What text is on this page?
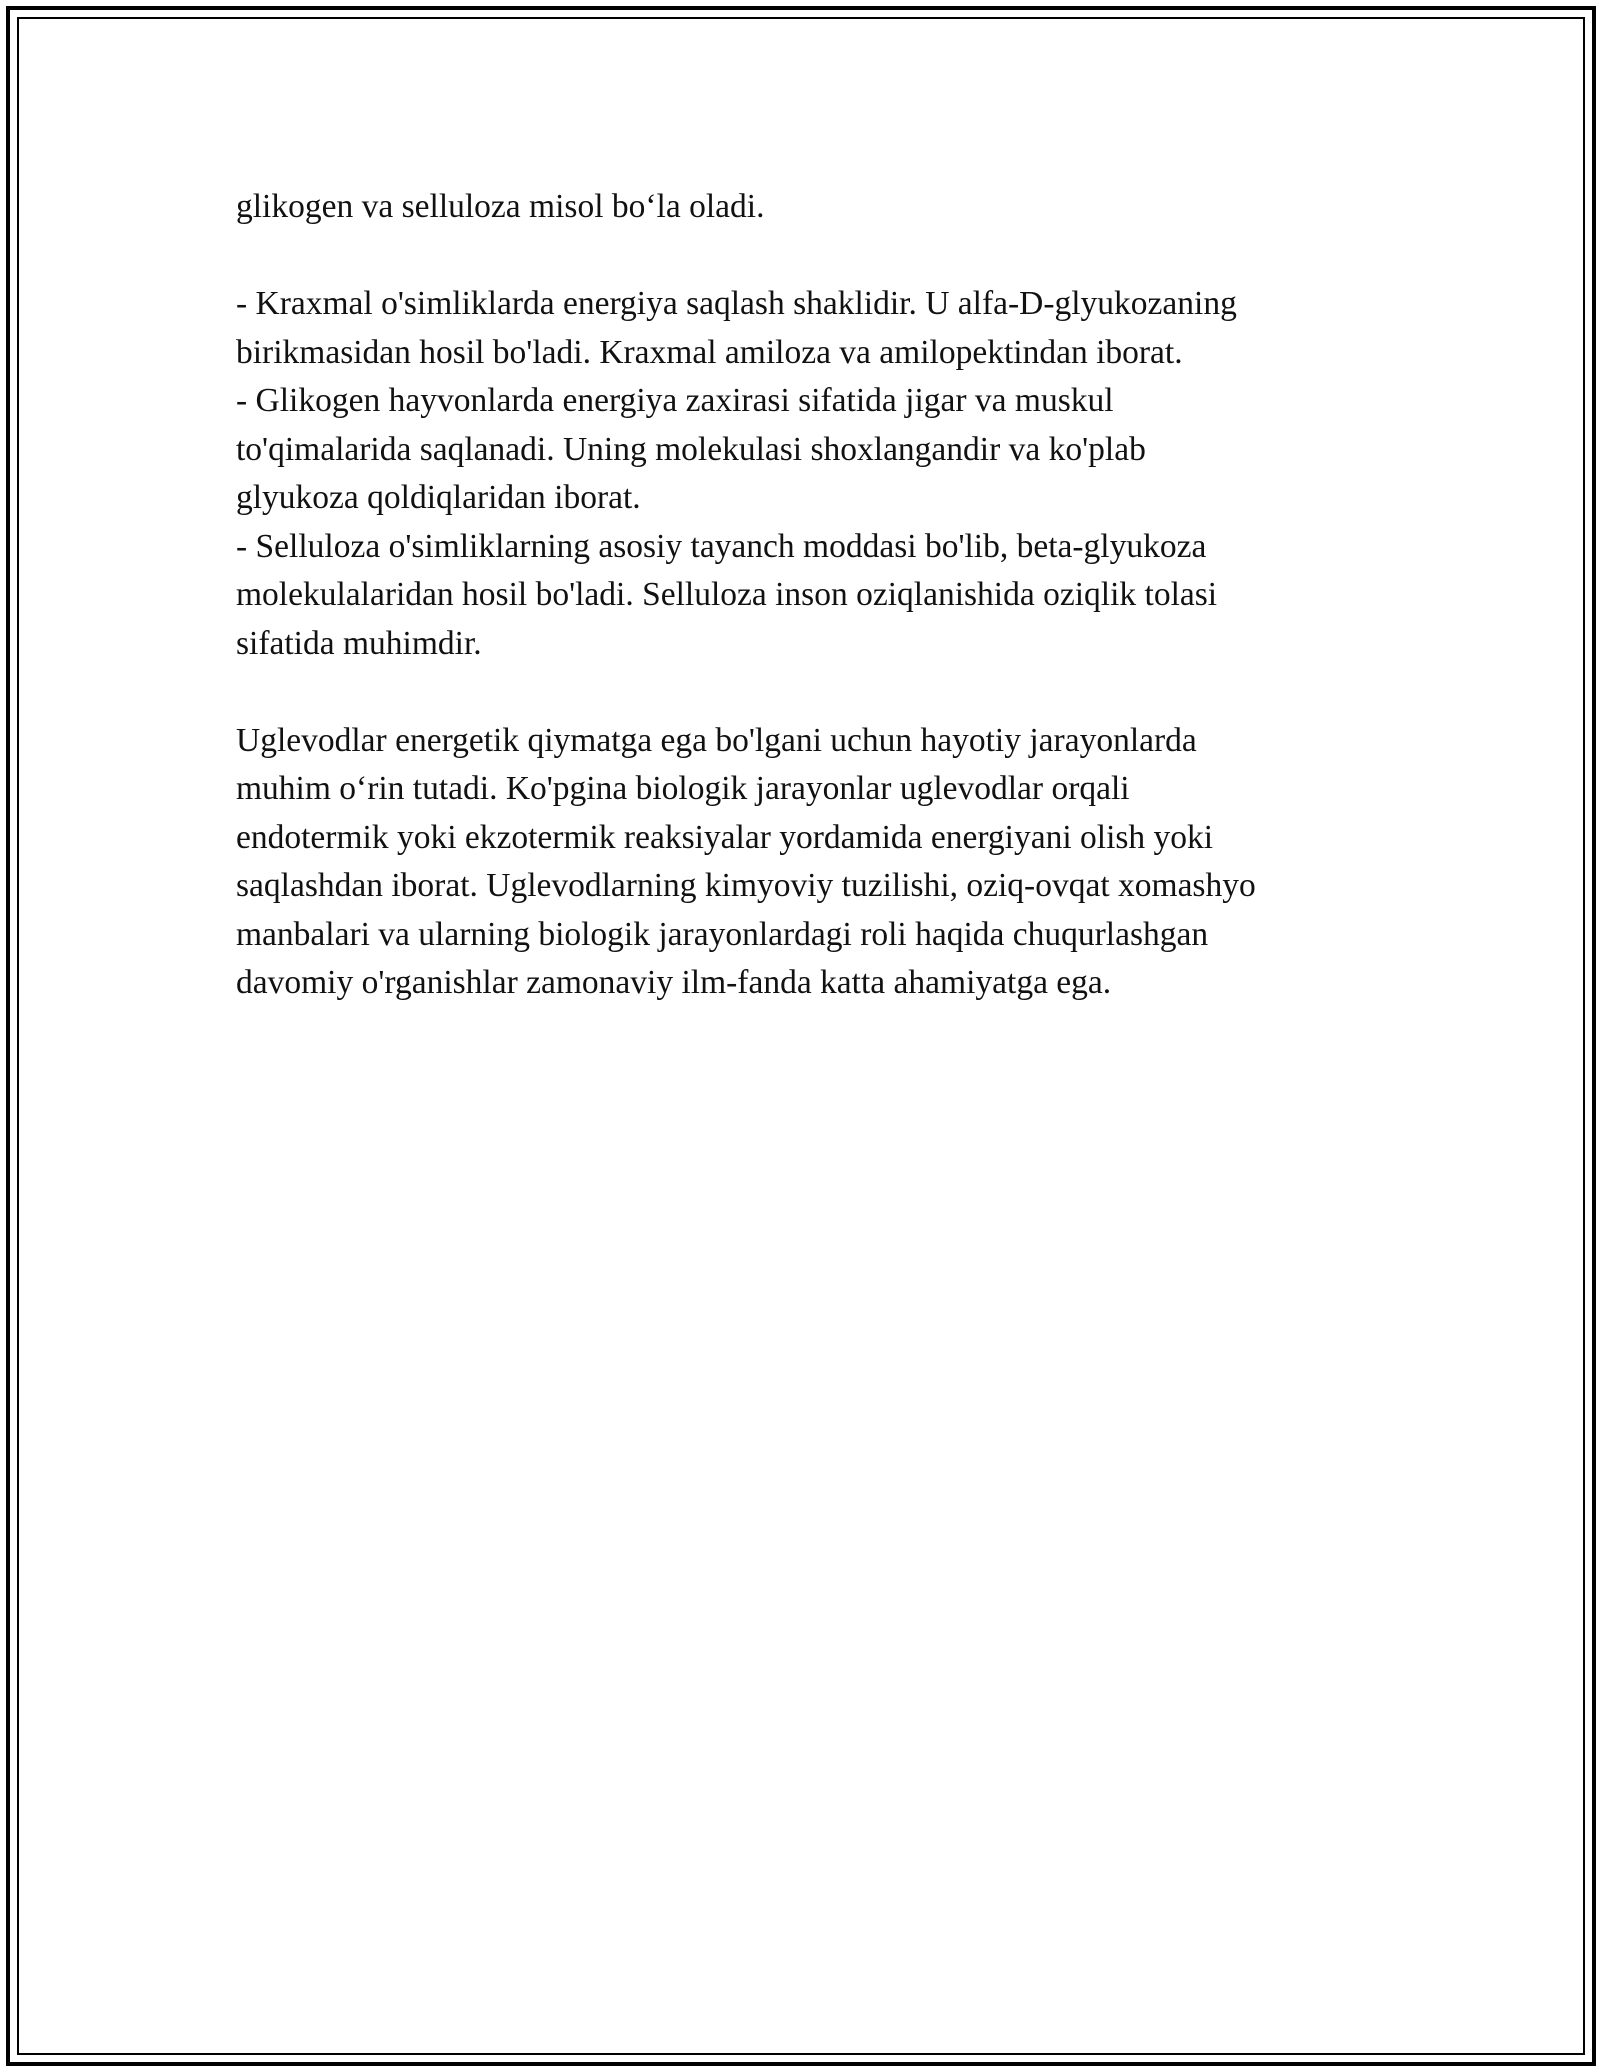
glikogen va selluloza misol bo‘la oladi.
- Kraxmal o'simliklarda energiya saqlash shaklidir. U alfa-D-glyukozaning
birikmasidan hosil bo'ladi. Kraxmal amiloza va amilopektindan iborat.
- Glikogen hayvonlarda energiya zaxirasi sifatida jigar va muskul
to'qimalarida saqlanadi. Uning molekulasi shoxlangandir va ko'plab
glyukoza qoldiqlaridan iborat.
- Selluloza o'simliklarning asosiy tayanch moddasi bo'lib, beta-glyukoza
molekulalaridan hosil bo'ladi. Selluloza inson oziqlanishida oziqlik tolasi
sifatida muhimdir.
Uglevodlar energetik qiymatga ega bo'lgani uchun hayotiy jarayonlarda
muhim o‘rin tutadi. Ko'pgina biologik jarayonlar uglevodlar orqali
endotermik yoki ekzotermik reaksiyalar yordamida energiyani olish yoki
saqlashdan iborat. Uglevodlarning kimyoviy tuzilishi, oziq-ovqat xomashyo
manbalari va ularning biologik jarayonlardagi roli haqida chuqurlashgan
davomiy o'rganishlar zamonaviy ilm-fanda katta ahamiyatga ega.
